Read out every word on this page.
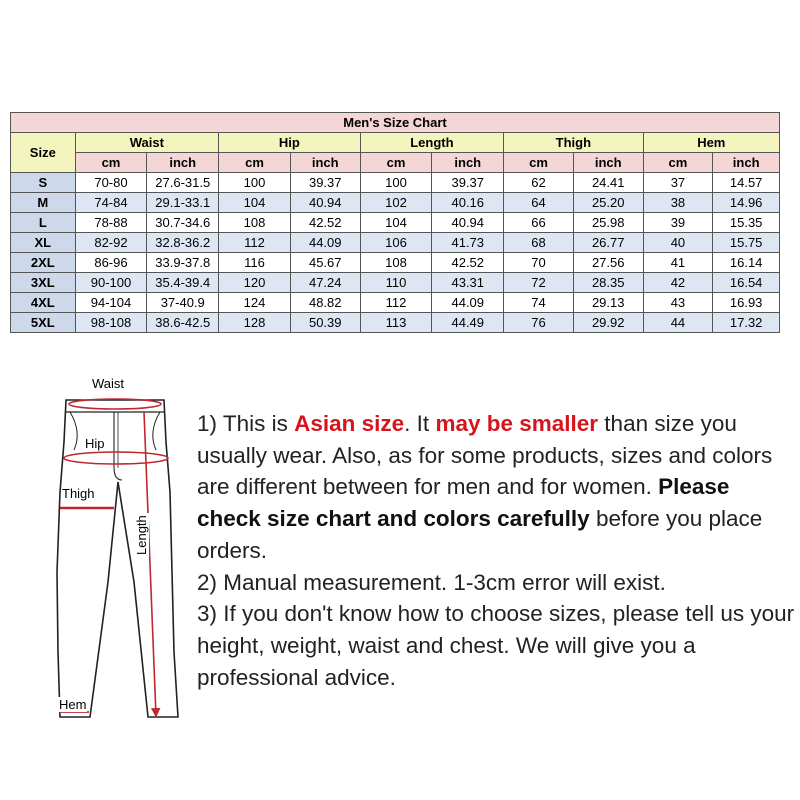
Men's Size Chart										
Size	Waist		Hip		Length		Thigh		Hem	
	cm	inch	cm	inch	cm	inch	cm	inch	cm	inch
S	70-80	27.6-31.5	100	39.37	100	39.37	62	24.41	37	14.57
M	74-84	29.1-33.1	104	40.94	102	40.16	64	25.20	38	14.96
L	78-88	30.7-34.6	108	42.52	104	40.94	66	25.98	39	15.35
XL	82-92	32.8-36.2	112	44.09	106	41.73	68	26.77	40	15.75
2XL	86-96	33.9-37.8	116	45.67	108	42.52	70	27.56	41	16.14
3XL	90-100	35.4-39.4	120	47.24	110	43.31	72	28.35	42	16.54
4XL	94-104	37-40.9	124	48.82	112	44.09	74	29.13	43	16.93
5XL	98-108	38.6-42.5	128	50.39	113	44.49	76	29.92	44	17.32
Waist
Hip
Thigh
Length
Hem

1) This is Asian size. It may be smaller than size you usually wear. Also, as for some products, sizes and colors are different between for men and for women. Please check size chart and colors carefully before you place orders.

2) Manual measurement. 1-3cm error will exist.

3) If you don't know how to choose sizes, please tell us your height, weight, waist and chest. We will give you a professional advice.
